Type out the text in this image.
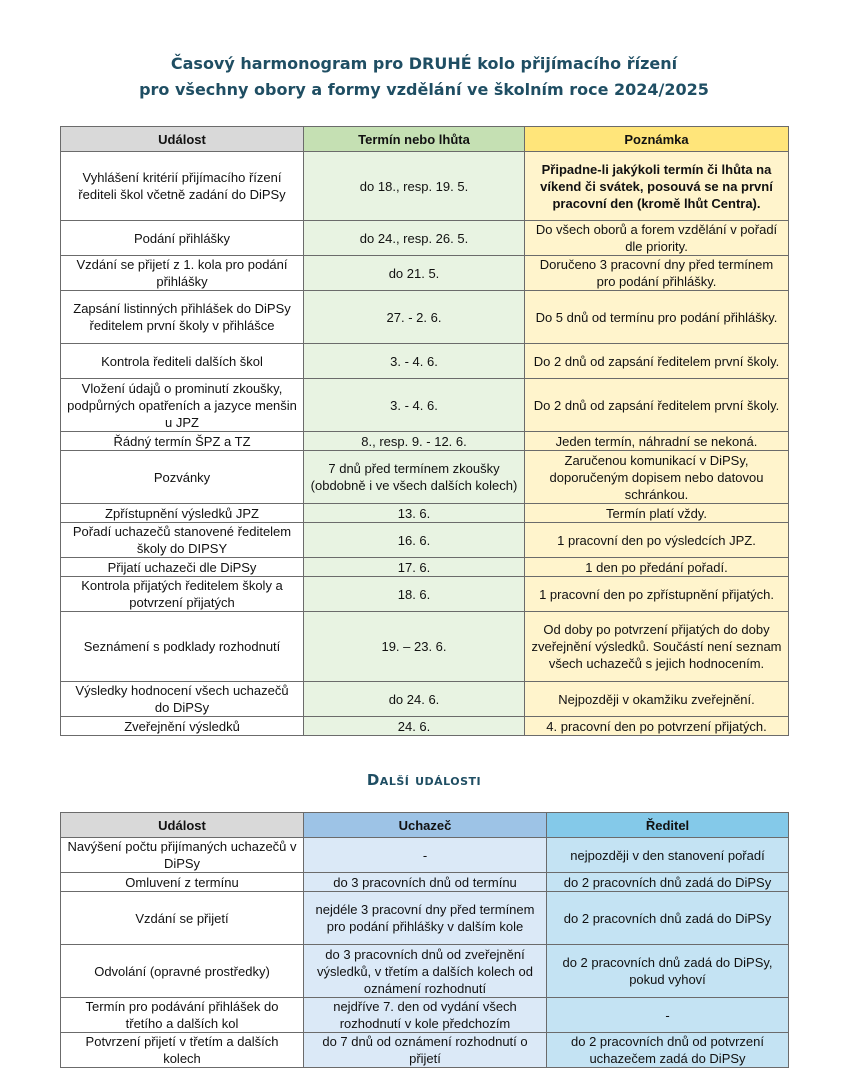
Časový harmonogram pro DRUHÉ kolo přijímacího řízení
pro všechny obory a formy vzdělání ve školním roce 2024/2025
Událost	Termín nebo lhůta	Poznámka
Vyhlášení kritérií přijímacího řízení řediteli škol včetně zadání do DiPSy	do 18., resp. 19. 5.	Připadne-li jakýkoli termín či lhůta na víkend či svátek, posouvá se na první pracovní den (kromě lhůt Centra).
Podání přihlášky	do 24., resp. 26. 5.	Do všech oborů a forem vzdělání v pořadí dle priority.
Vzdání se přijetí z 1. kola pro podání přihlášky	do 21. 5.	Doručeno 3 pracovní dny před termínem pro podání přihlášky.
Zapsání listinných přihlášek do DiPSy ředitelem první školy v přihlášce	27. - 2. 6.	Do 5 dnů od termínu pro podání přihlášky.
Kontrola řediteli dalších škol	3. - 4. 6.	Do 2 dnů od zapsání ředitelem první školy.
Vložení údajů o prominutí zkoušky, podpůrných opatřeních a jazyce menšin u JPZ	3. - 4. 6.	Do 2 dnů od zapsání ředitelem první školy.
Řádný termín ŠPZ a TZ	8., resp. 9. - 12. 6.	Jeden termín, náhradní se nekoná.
Pozvánky	7 dnů před termínem zkoušky (obdobně i ve všech dalších kolech)	Zaručenou komunikací v DiPSy, doporučeným dopisem nebo datovou schránkou.
Zpřístupnění výsledků JPZ	13. 6.	Termín platí vždy.
Pořadí uchazečů stanovené ředitelem školy do DIPSY	16. 6.	1 pracovní den po výsledcích JPZ.
Přijatí uchazeči dle DiPSy	17. 6.	1 den po předání pořadí.
Kontrola přijatých ředitelem školy a potvrzení přijatých	18. 6.	1 pracovní den po zpřístupnění přijatých.
Seznámení s podklady rozhodnutí	19. – 23. 6.	Od doby po potvrzení přijatých do doby zveřejnění výsledků. Součástí není seznam všech uchazečů s jejich hodnocením.
Výsledky hodnocení všech uchazečů do DiPSy	do 24. 6.	Nejpozději v okamžiku zveřejnění.
Zveřejnění výsledků	24. 6.	4. pracovní den po potvrzení přijatých.
Další události
Událost	Uchazeč	Ředitel
Navýšení počtu přijímaných uchazečů v DiPSy	-	nejpozději v den stanovení pořadí
Omluvení z termínu	do 3 pracovních dnů od termínu	do 2 pracovních dnů zadá do DiPSy
Vzdání se přijetí	nejdéle 3 pracovní dny před termínem pro podání přihlášky v dalším kole	do 2 pracovních dnů zadá do DiPSy
Odvolání (opravné prostředky)	do 3 pracovních dnů od zveřejnění výsledků, v třetím a dalších kolech od oznámení rozhodnutí	do 2 pracovních dnů zadá do DiPSy, pokud vyhoví
Termín pro podávání přihlášek do třetího a dalších kol	nejdříve 7. den od vydání všech rozhodnutí v kole předchozím	-
Potvrzení přijetí v třetím a dalších kolech	do 7 dnů od oznámení rozhodnutí o přijetí	do 2 pracovních dnů od potvrzení uchazečem zadá do DiPSy
